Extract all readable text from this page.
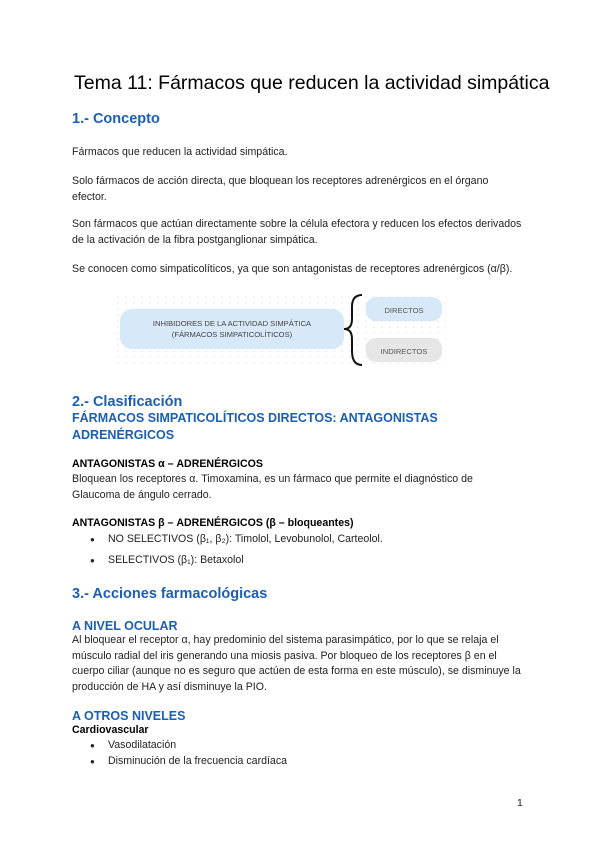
Tema 11: Fármacos que reducen la actividad simpática
1.- Concepto

Fármacos que reducen la actividad simpática.

Solo fármacos de acción directa, que bloquean los receptores adrenérgicos en el órgano efector.

Son fármacos que actúan directamente sobre la célula efectora y reducen los efectos derivados de la activación de la fibra postganglionar simpática.

Se conocen como simpaticolíticos, ya que son antagonistas de receptores adrenérgicos (α/β).

INHIBIDORES DE LA ACTIVIDAD SIMPÁTICA
(FÁRMACOS SIMPATICOLÍTICOS)
DIRECTOS
INDIRECTOS
2.- Clasificación
FÁRMACOS SIMPATICOLÍTICOS DIRECTOS: ANTAGONISTAS ADRENÉRGICOS

ANTAGONISTAS α – ADRENÉRGICOS

Bloquean los receptores α. Timoxamina, es un fármaco que permite el diagnóstico de Glaucoma de ángulo cerrado.

ANTAGONISTAS β – ADRENÉRGICOS (β – bloqueantes)

● NO SELECTIVOS (β₁, β₂): Timolol, Levobunolol, Carteolol.
● SELECTIVOS (β₁): Betaxolol
3.- Acciones farmacológicas
A NIVEL OCULAR

Al bloquear el receptor α, hay predominio del sistema parasimpático, por lo que se relaja el músculo radial del iris generando una miosis pasiva. Por bloqueo de los receptores β en el cuerpo ciliar (aunque no es seguro que actúen de esta forma en este músculo), se disminuye la producción de HA y así disminuye la PIO.

A OTROS NIVELES

Cardiovascular

● Vasodilatación
● Disminución de la frecuencia cardíaca
1
